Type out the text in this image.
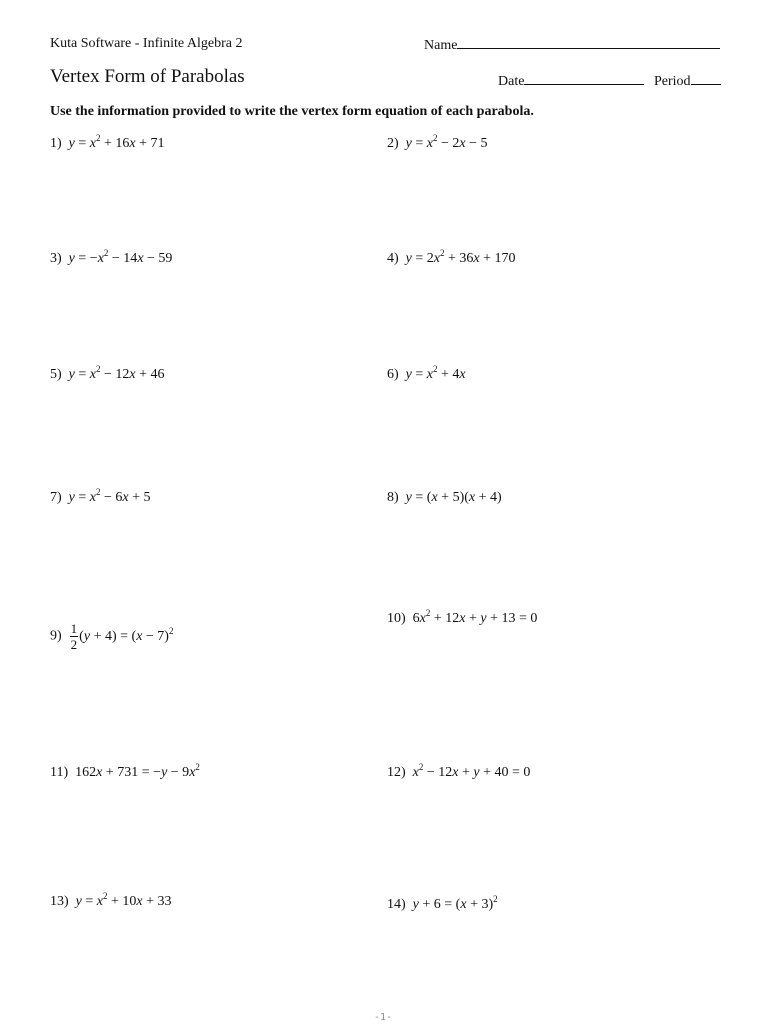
Kuta Software - Infinite Algebra 2	Name
Vertex Form of Parabolas	Date	Period
Use the information provided to write the vertex form equation of each parabola.
1) $y = x^2 + 16x + 71$	2) $y = x^2 - 2x - 5$
3) $y = -x^2 - 14x - 59$	4) $y = 2x^2 + 36x + 170$
5) $y = x^2 - 12x + 46$	6) $y = x^2 + 4x$
7) $y = x^2 - 6x + 5$	8) y = (x + 5)(x + 4)
$9) \frac{1}{2} (y + 4) = (x - 7)^2$
10) $6x^2 + 12x + y + 13 = 0$
11) $162x + 731 = -y - 9x^2$	12) $x^2 - 12x + y + 40 = 0$
13) $y = x^2 + 10x + 33$	14) $y + 6 = (x + 3)^2$
-1-
